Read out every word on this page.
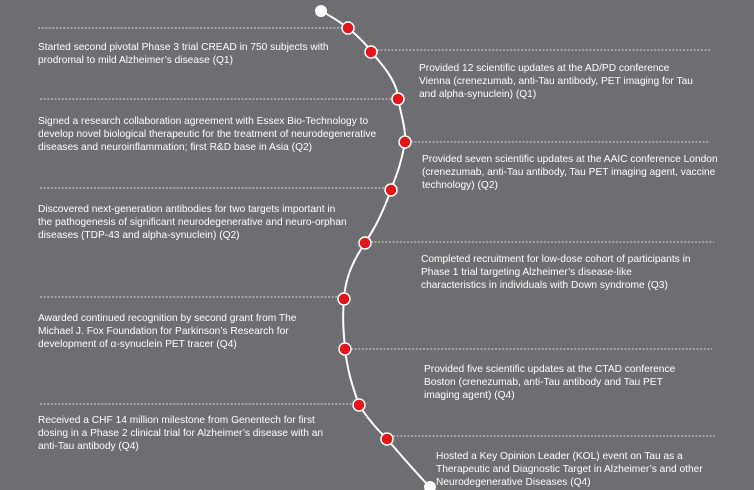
Started second pivotal Phase 3 trial CREAD in 750 subjects with
prodromal to mild Alzheimer’s disease (Q1)

Provided 12 scientific updates at the AD/PD conference
Vienna (crenezumab, anti-Tau antibody, PET imaging for Tau
and alpha-synuclein) (Q1)

Signed a research collaboration agreement with Essex Bio-Technology to
develop novel biological therapeutic for the treatment of neurodegenerative
diseases and neuroinflammation; first R&D base in Asia (Q2)

Provided seven scientific updates at the AAIC conference London
(crenezumab, anti-Tau antibody, Tau PET imaging agent, vaccine
technology) (Q2)

Discovered next-generation antibodies for two targets important in
the pathogenesis of significant neurodegenerative and neuro-orphan
diseases (TDP-43 and alpha-synuclein) (Q2)

Completed recruitment for low-dose cohort of participants in
Phase 1 trial targeting Alzheimer’s disease-like
characteristics in individuals with Down syndrome (Q3)

Awarded continued recognition by second grant from The
Michael J. Fox Foundation for Parkinson’s Research for
development of α-synuclein PET tracer (Q4)

Provided five scientific updates at the CTAD conference
Boston (crenezumab, anti-Tau antibody and Tau PET
imaging agent) (Q4)

Received a CHF 14 million milestone from Genentech for first
dosing in a Phase 2 clinical trial for Alzheimer’s disease with an
anti-Tau antibody (Q4)

Hosted a Key Opinion Leader (KOL) event on Tau as a
Therapeutic and Diagnostic Target in Alzheimer’s and other
Neurodegenerative Diseases (Q4)
